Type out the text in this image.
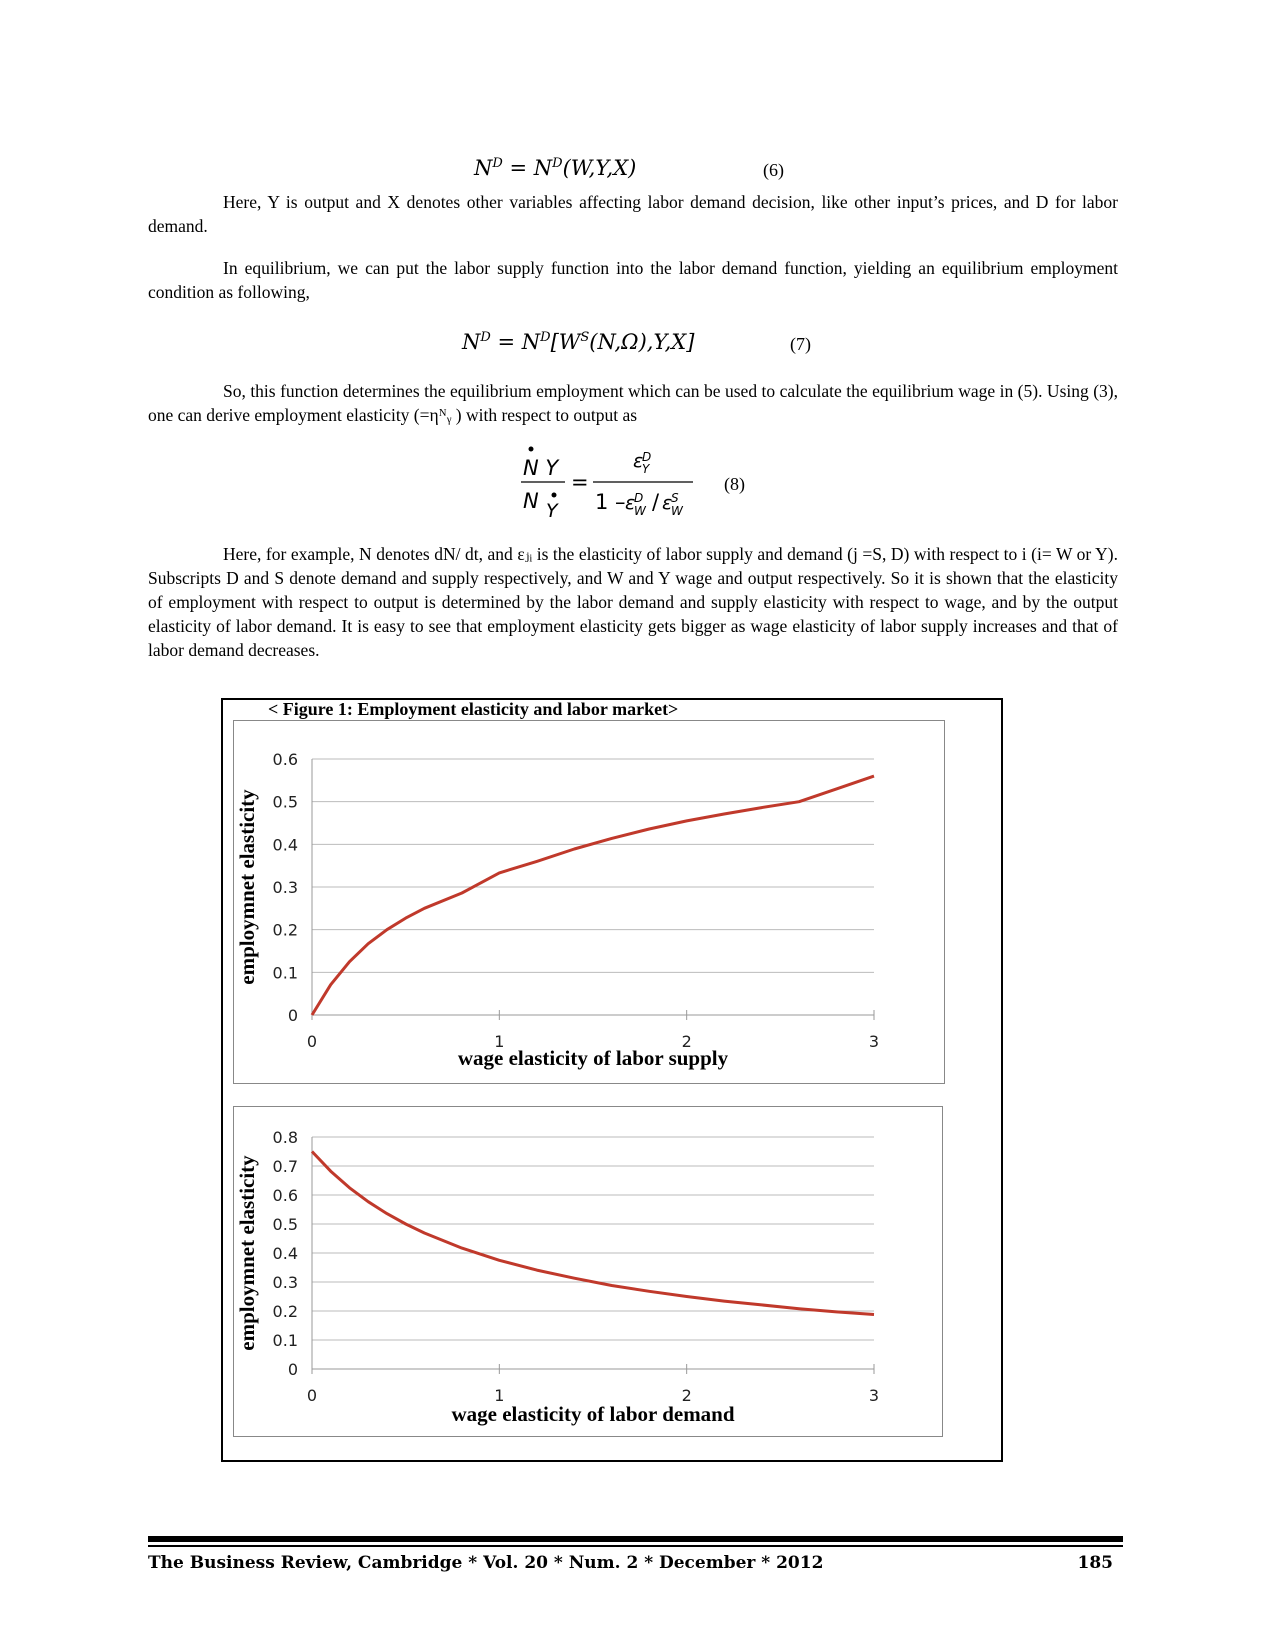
$N^D = N^D(W,Y,X)$	(6)

Here, Y is output and X denotes other variables affecting labor demand decision, like other input’s prices, and D for labor demand.

In equilibrium, we can put the labor supply function into the labor demand function, yielding an equilibrium employment condition as following,

$N^D = N^D[W^S(N,\Omega),Y,X]$	(7)

So, this function determines the equilibrium employment which can be used to calculate the equilibrium wage in (5). Using (3), one can derive employment elasticity (=ηᴺᵧ ) with respect to output as

N Y
N Y
=
ε
D
Y
1 – ε
D
W / ε
S
W
(8)

Here, for example, N denotes dN/ dt, and εⱼᵢ is the elasticity of labor supply and demand (j =S, D) with respect to i (i= W or Y). Subscripts D and S denote demand and supply respectively, and W and Y wage and output respectively. So it is shown that the elasticity of employment with respect to output is determined by the labor demand and supply elasticity with respect to wage, and by the output elasticity of labor demand. It is easy to see that employment elasticity gets bigger as wage elasticity of labor supply increases and that of labor demand decreases.

< Figure 1: Employment elasticity and labor market>
0
0.1
0.2
0.3
0.4
0.5
0.6
0	1	2	3
wage elasticity of labor supply
employmnet elasticity
0
0.1
0.2
0.3
0.4
0.5
0.6
0.7
0.8
0	1	2	3
wage elasticity of labor demand
employmnet elasticity
The Business Review, Cambridge * Vol. 20 * Num. 2 * December * 2012	185
